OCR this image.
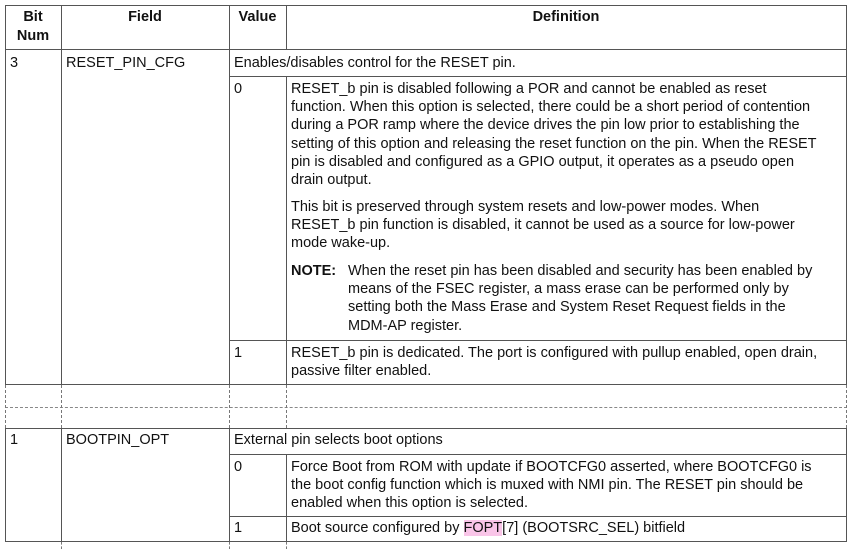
Bit
Num
Field	Value	Definition
3	RESET_PIN_CFG	Enables/disables control for the RESET pin.
0	RESET_b pin is disabled following a POR and cannot be enabled as reset
function. When this option is selected, there could be a short period of contention
during a POR ramp where the device drives the pin low prior to establishing the
setting of this option and releasing the reset function on the pin. When the RESET
pin is disabled and configured as a GPIO output, it operates as a pseudo open
drain output.
This bit is preserved through system resets and low-power modes. When
RESET_b pin function is disabled, it cannot be used as a source for low-power
mode wake-up.
NOTE: When the reset pin has been disabled and security has been enabled by
means of the FSEC register, a mass erase can be performed only by
setting both the Mass Erase and System Reset Request fields in the
MDM-AP register.
1	RESET_b pin is dedicated. The port is configured with pullup enabled, open drain,
passive filter enabled.
1	BOOTPIN_OPT	External pin selects boot options
0	Force Boot from ROM with update if BOOTCFG0 asserted, where BOOTCFG0 is
the boot config function which is muxed with NMI pin. The RESET pin should be
enabled when this option is selected.
1	Boot source configured by FOPT[7] (BOOTSRC_SEL) bitfield
